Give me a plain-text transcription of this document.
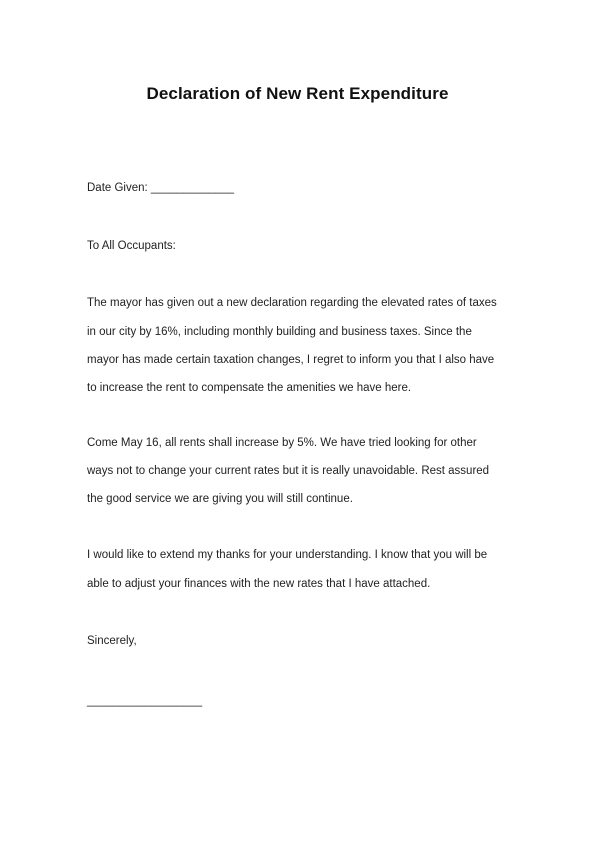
Declaration of New Rent Expenditure
Date Given: _____________
To All Occupants:
The mayor has given out a new declaration regarding the elevated rates of taxes
in our city by 16%, including monthly building and business taxes. Since the
mayor has made certain taxation changes, I regret to inform you that I also have
to increase the rent to compensate the amenities we have here.
Come May 16, all rents shall increase by 5%. We have tried looking for other
ways not to change your current rates but it is really unavoidable. Rest assured
the good service we are giving you will still continue.
I would like to extend my thanks for your understanding. I know that you will be
able to adjust your finances with the new rates that I have attached.
Sincerely,
__________________
